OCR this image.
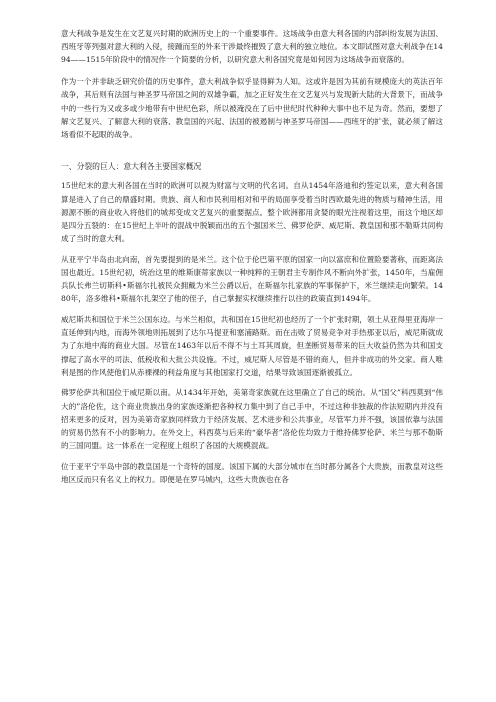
意大利战争是发生在文艺复兴时期的欧洲历史上的一个重要事件。这场战争由意大利各国的内部纠纷发展为法国、西班牙等列强对意大利的入侵，接踵而至的外来干涉最终摧毁了意大利的独立地位。本文即试图对意大利战争在1494——1515年阶段中的情况作一个简要的分析，以研究意大利各国究竟是如何因为这场战争而衰落的。

作为一个并非缺乏研究价值的历史事件，意大利战争似乎显得鲜为人知。这或许是因为其前有规模庞大的英法百年战争，其后则有法国与神圣罗马帝国之间的双雄争霸，加之正好发生在文艺复兴与发现新大陆的大背景下，而战争中的一些行为又或多或少地带有中世纪色彩，所以被淹没在了后中世纪时代种种大事中也不足为奇。然而，要想了解文艺复兴、了解意大利的衰落、教皇国的兴起、法国的被遏制与神圣罗马帝国——西班牙的扩张，就必须了解这场看似不起眼的战争。

一、分裂的巨人：意大利各主要国家概况

15世纪末的意大利各国在当时的欧洲可以视为财富与文明的代名词。自从1454年洛迪和约签定以来，意大利各国算是进入了自己的鼎盛时期。贵族、商人和市民利用相对和平的局面享受着当时西欧最先进的物质与精神生活，用源源不断的商业收入将他们的城邦变成文艺复兴的重要据点。整个欧洲都用贪婪的眼光注视着这里，而这个地区却是四分五裂的：在15世纪上半叶的混战中脱颖而出的五个强国米兰、佛罗伦萨、威尼斯、教皇国和那不勒斯共同构成了当时的意大利。

从亚平宁半岛由北向南，首先要提到的是米兰。这个位于伦巴第平原的国家一向以富庶和位置险要著称，而距离法国也最近。15世纪初，统治这里的维斯康蒂家族以一种纯粹的王朝君主专制作风不断向外扩张，1450年，当雇佣兵队长弗兰切斯科•斯福尔扎被民众拥戴为米兰公爵以后，在斯福尔扎家族的军事保护下，米兰继续走向繁荣。1480年，洛多维科•斯福尔扎架空了他的侄子，自己掌握实权继续推行以往的政策直到1494年。

威尼斯共和国位于米兰公国东边。与米兰相似，共和国在15世纪初也经历了一个扩张时期，领土从亚得里亚海岸一直延伸到内地，而海外领地则拓展到了达尔马提亚和塞浦路斯。而在击败了贸易竞争对手热那亚以后，威尼斯就成为了东地中海的商业大国。尽管在1463年以后不得不与土耳其周旋，但垄断贸易带来的巨大收益仍然为共和国支撑起了高水平的司法、低税收和大批公共设施。不过，威尼斯人尽管是不错的商人，但并非成功的外交家。商人唯利是图的作风使他们从赤裸裸的利益角度与其他国家打交道，结果导致该国逐渐被孤立。

佛罗伦萨共和国位于威尼斯以南。从1434年开始，美第奇家族就在这里确立了自己的统治。从“国父”科西莫到“伟大的”洛伦佐，这个商业贵族出身的家族逐渐把各种权力集中到了自己手中，不过这种非独裁的作法短期内并没有招来更多的反对，因为美第奇家族同样致力于经济发展、艺术进步和公共事业，尽管军力并不强，该国依靠与法国的贸易仍然有不小的影响力。在外交上，科西莫与后来的“豪华者”洛伦佐均致力于维持佛罗伦萨、米兰与那不勒斯的三国同盟。这一体系在一定程度上组织了各国的大规模混战。

位于亚平宁半岛中部的教皇国是一个奇特的国度。该国下属的大部分城市在当时都分属各个大贵族，而教皇对这些地区反而只有名义上的权力。即便是在罗马城内，这些大贵族也在各
